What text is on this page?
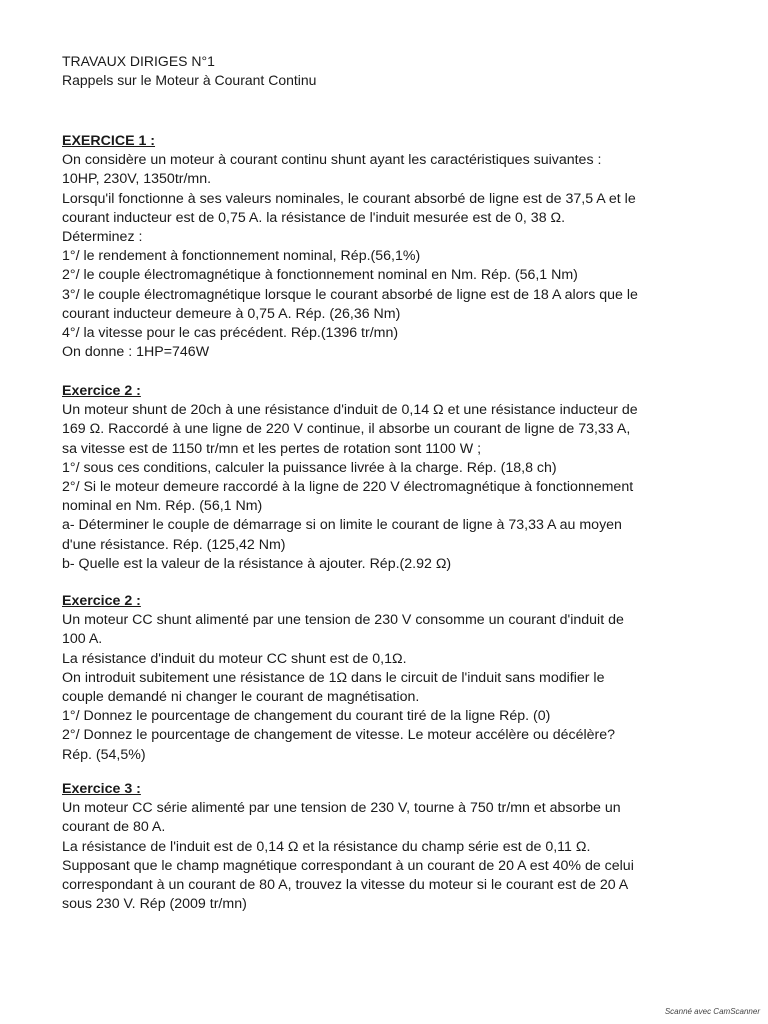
TRAVAUX DIRIGES N°1
Rappels sur le Moteur à Courant Continu
EXERCICE 1 :
On considère un moteur à courant continu shunt ayant les caractéristiques suivantes :
10HP, 230V, 1350tr/mn.
Lorsqu'il fonctionne à ses valeurs nominales, le courant absorbé de ligne est de 37,5 A et le
courant inducteur est de 0,75 A. la résistance de l'induit mesurée est de 0, 38 Ω.
Déterminez :
1°/ le rendement à fonctionnement nominal, Rép.(56,1%)
2°/ le couple électromagnétique à fonctionnement nominal en Nm. Rép. (56,1 Nm)
3°/ le couple électromagnétique lorsque le courant absorbé de ligne est de 18 A alors que le
courant inducteur demeure à 0,75 A. Rép. (26,36 Nm)
4°/ la vitesse pour le cas précédent. Rép.(1396 tr/mn)
On donne : 1HP=746W
Exercice 2 :
Un moteur shunt de 20ch à une résistance d'induit de 0,14 Ω et une résistance inducteur de
169 Ω. Raccordé à une ligne de 220 V continue, il absorbe un courant de ligne de 73,33 A,
sa vitesse est de 1150 tr/mn et les pertes de rotation sont 1100 W ;
1°/ sous ces conditions, calculer la puissance livrée à la charge. Rép. (18,8 ch)
2°/ Si le moteur demeure raccordé à la ligne de 220 V électromagnétique à fonctionnement
nominal en Nm. Rép. (56,1 Nm)
a- Déterminer le couple de démarrage si on limite le courant de ligne à 73,33 A au moyen
d'une résistance. Rép. (125,42 Nm)
b- Quelle est la valeur de la résistance à ajouter. Rép.(2.92 Ω)
Exercice 2 :
Un moteur CC shunt alimenté par une tension de 230 V consomme un courant d'induit de
100 A.
La résistance d'induit du moteur CC shunt est de 0,1Ω.
On introduit subitement une résistance de 1Ω dans le circuit de l'induit sans modifier le
couple demandé ni changer le courant de magnétisation.
1°/ Donnez le pourcentage de changement du courant tiré de la ligne Rép. (0)
2°/ Donnez le pourcentage de changement de vitesse. Le moteur accélère ou décélère?
Rép. (54,5%)
Exercice 3 :
Un moteur CC série alimenté par une tension de 230 V, tourne à 750 tr/mn et absorbe un
courant de 80 A.
La résistance de l'induit est de 0,14 Ω et la résistance du champ série est de 0,11 Ω.
Supposant que le champ magnétique correspondant à un courant de 20 A est 40% de celui
correspondant à un courant de 80 A, trouvez la vitesse du moteur si le courant est de 20 A
sous 230 V. Rép (2009 tr/mn)
Scanné avec CamScanner
